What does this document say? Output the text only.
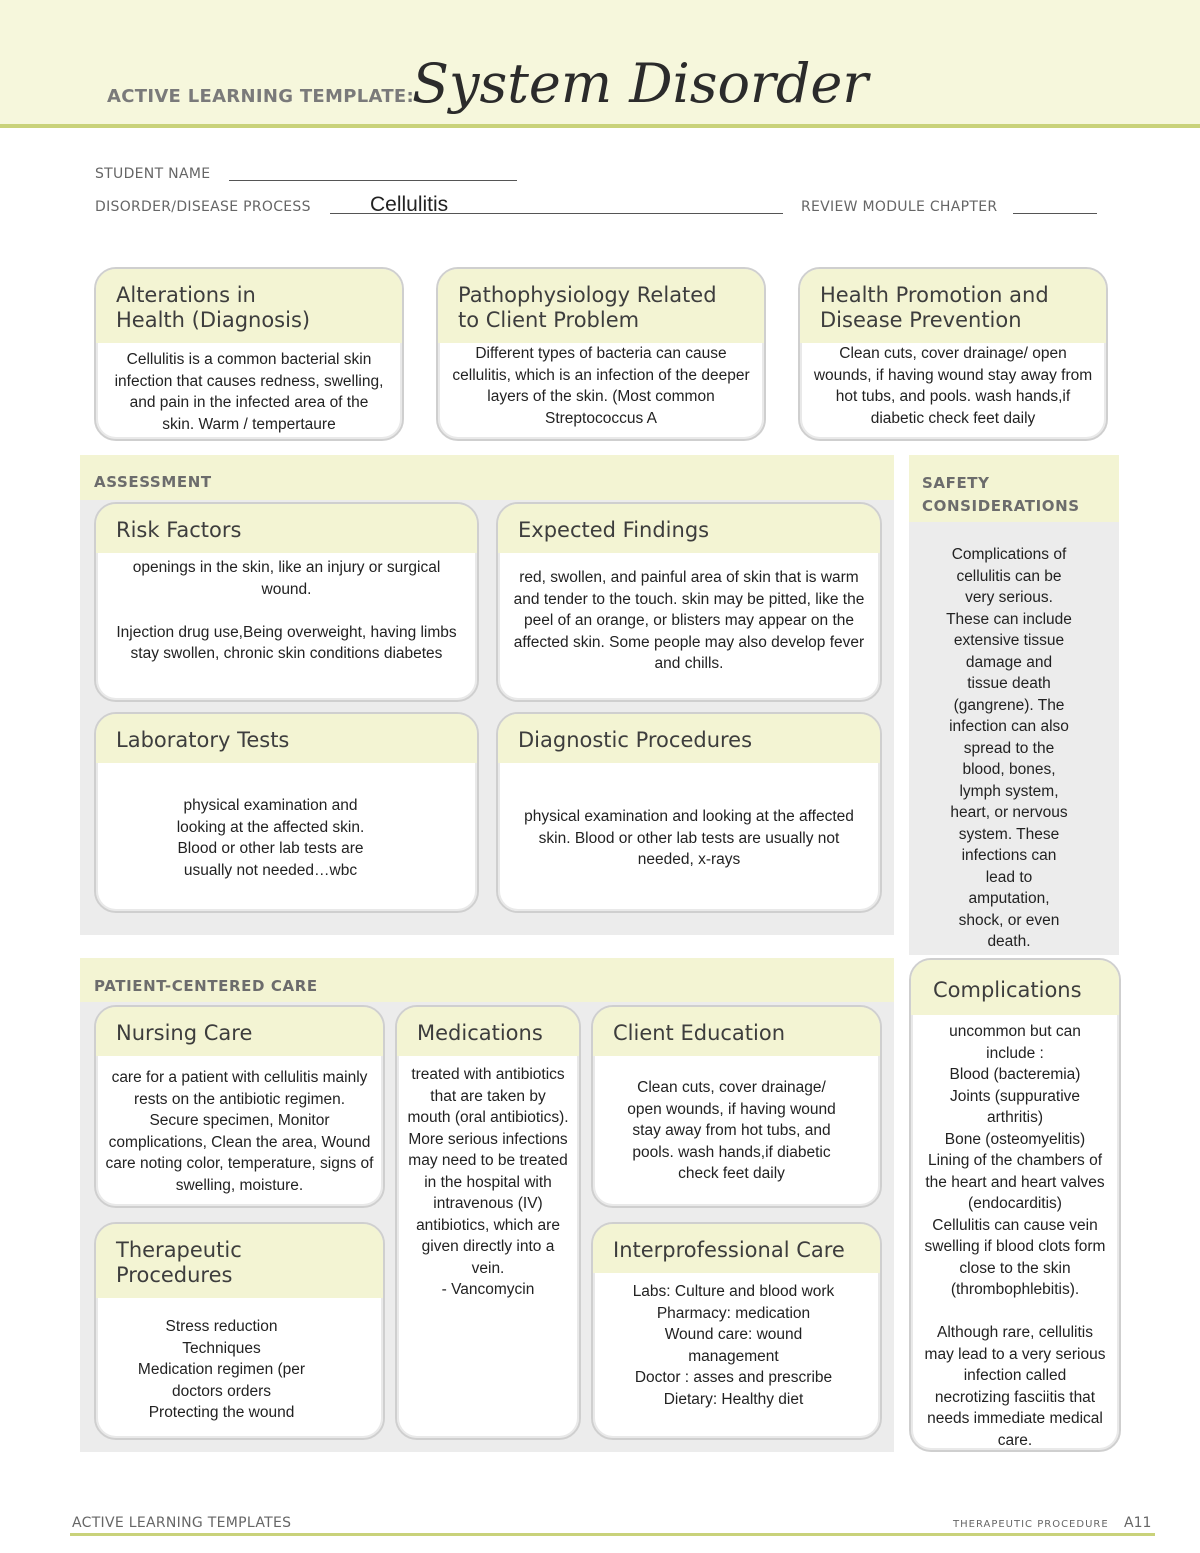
ACTIVE LEARNING TEMPLATE:
System Disorder
STUDENT NAME
DISORDER/DISEASE PROCESS	Cellulitis	REVIEW MODULE CHAPTER
Alterations in
Health (Diagnosis)
Cellulitis is a common bacterial skin
infection that causes redness, swelling,
and pain in the infected area of the
skin. Warm / tempertaure
Pathophysiology Related
to Client Problem
Different types of bacteria can cause
cellulitis, which is an infection of the deeper
layers of the skin. (Most common
Streptococcus A
Health Promotion and
Disease Prevention
Clean cuts, cover drainage/ open
wounds, if having wound stay away from
hot tubs, and pools. wash hands,if
diabetic check feet daily
ASSESSMENT
Risk Factors
openings in the skin, like an injury or surgical
wound.

Injection drug use,Being overweight, having limbs
stay swollen, chronic skin conditions diabetes
Expected Findings
red, swollen, and painful area of skin that is warm
and tender to the touch. skin may be pitted, like the
peel of an orange, or blisters may appear on the
affected skin. Some people may also develop fever
and chills.
Laboratory Tests
physical examination and
looking at the affected skin.
Blood or other lab tests are
usually not needed…wbc
Diagnostic Procedures
physical examination and looking at the affected
skin. Blood or other lab tests are usually not
needed, x-rays
SAFETY
CONSIDERATIONS
Complications of
cellulitis can be
very serious.
These can include
extensive tissue
damage and
tissue death
(gangrene). The
infection can also
spread to the
blood, bones,
lymph system,
heart, or nervous
system. These
infections can
lead to
amputation,
shock, or even
death.
Complications
uncommon but can
include :
Blood (bacteremia)
Joints (suppurative
arthritis)
Bone (osteomyelitis)
Lining of the chambers of
the heart and heart valves
(endocarditis)
Cellulitis can cause vein
swelling if blood clots form
close to the skin
(thrombophlebitis).

Although rare, cellulitis
may lead to a very serious
infection called
necrotizing fasciitis that
needs immediate medical
care.
PATIENT-CENTERED CARE
Nursing Care
care for a patient with cellulitis mainly
rests on the antibiotic regimen.
Secure specimen, Monitor
complications, Clean the area, Wound
care noting color, temperature, signs of
swelling, moisture.
Medications
treated with antibiotics
that are taken by
mouth (oral antibiotics).
More serious infections
may need to be treated
in the hospital with
intravenous (IV)
antibiotics, which are
given directly into a
vein.
- Vancomycin
Client Education
Clean cuts, cover drainage/
open wounds, if having wound
stay away from hot tubs, and
pools. wash hands,if diabetic
check feet daily
Therapeutic Procedures
Stress reduction
Techniques
Medication regimen (per
doctors orders
Protecting the wound
Interprofessional Care
Labs: Culture and blood work
Pharmacy: medication
Wound care: wound
management
Doctor : asses and prescribe
Dietary: Healthy diet
ACTIVE LEARNING TEMPLATES	THERAPEUTIC PROCEDURE A11
